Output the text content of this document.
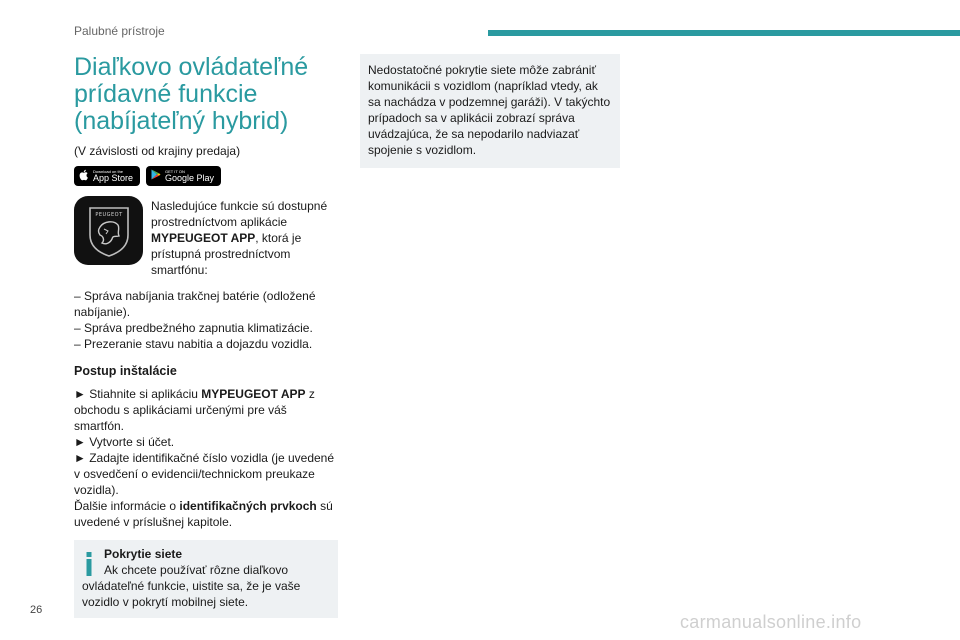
Palubné prístroje
Diaľkovo ovládateľné
prídavné funkcie
(nabíjateľný hybrid)
(V závislosti od krajiny predaja)
Download on the
App Store
GET IT ON
Google Play
PEUGEOT
Nasledujúce funkcie sú dostupné prostredníctvom aplikácie MYPEUGEOT APP, ktorá je prístupná prostredníctvom smartfónu:
– Správa nabíjania trakčnej batérie (odložené nabíjanie).
– Správa predbežného zapnutia klimatizácie.
– Prezeranie stavu nabitia a dojazdu vozidla.
Postup inštalácie
► Stiahnite si aplikáciu MYPEUGEOT APP z obchodu s aplikáciami určenými pre váš smartfón.
► Vytvorte si účet.
► Zadajte identifikačné číslo vozidla (je uvedené v osvedčení o evidencii/technickom preukaze vozidla).
Ďalšie informácie o identifikačných prvkoch sú uvedené v príslušnej kapitole.
Pokrytie siete
Ak chcete používať rôzne diaľkovo
ovládateľné funkcie, uistite sa, že je vaše vozidlo v pokrytí mobilnej siete.
Nedostatočné pokrytie siete môže zabrániť komunikácii s vozidlom (napríklad vtedy, ak sa nachádza v podzemnej garáži). V takýchto prípadoch sa v aplikácii zobrazí správa uvádzajúca, že sa nepodarilo nadviazať spojenie s vozidlom.
26
carmanualsonline.info
